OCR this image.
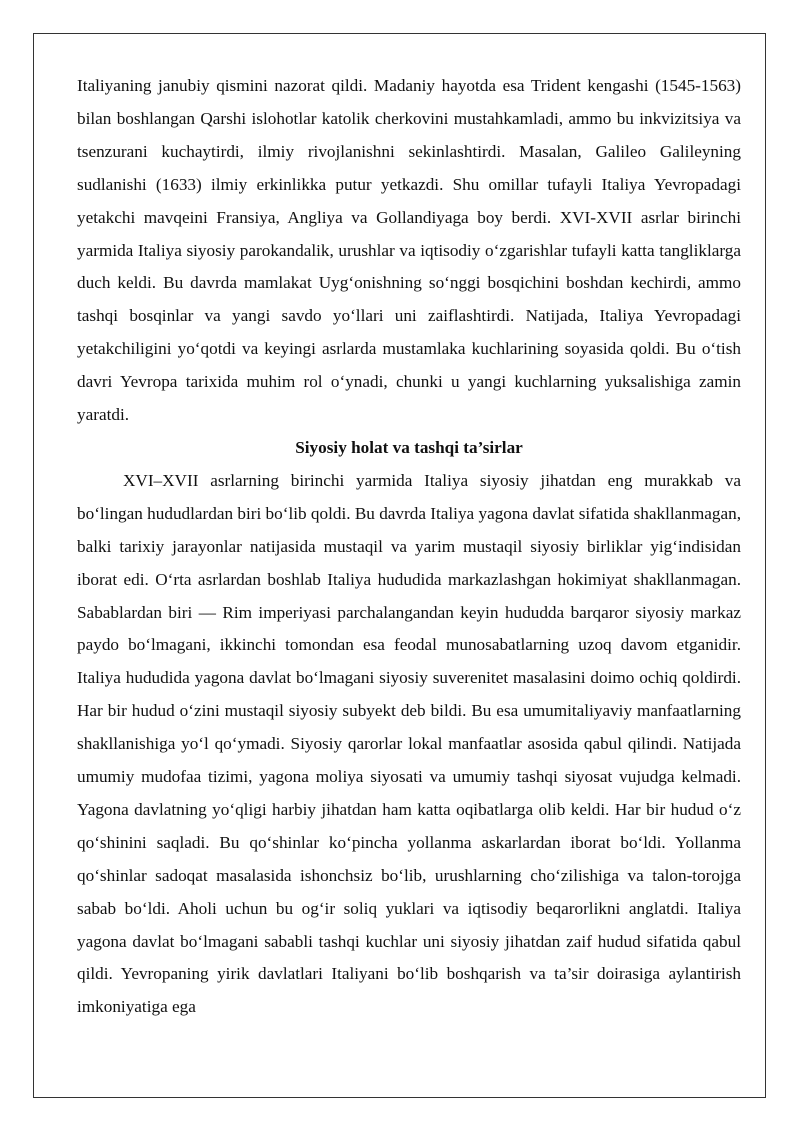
Italiyaning janubiy qismini nazorat qildi. Madaniy hayotda esa Trident kengashi (1545-1563) bilan boshlangan Qarshi islohotlar katolik cherkovini mustahkamladi, ammo bu inkvizitsiya va tsenzurani kuchaytirdi, ilmiy rivojlanishni sekinlashtirdi. Masalan, Galileo Galileyning sudlanishi (1633) ilmiy erkinlikka putur yetkazdi. Shu omillar tufayli Italiya Yevropadagi yetakchi mavqeini Fransiya, Angliya va Gollandiyaga boy berdi. XVI-XVII asrlar birinchi yarmida Italiya siyosiy parokandalik, urushlar va iqtisodiy o‘zgarishlar tufayli katta tangliklarga duch keldi. Bu davrda mamlakat Uyg‘onishning so‘nggi bosqichini boshdan kechirdi, ammo tashqi bosqinlar va yangi savdo yo‘llari uni zaiflashtirdi. Natijada, Italiya Yevropadagi yetakchiligini yo‘qotdi va keyingi asrlarda mustamlaka kuchlarining soyasida qoldi. Bu o‘tish davri Yevropa tarixida muhim rol o‘ynadi, chunki u yangi kuchlarning yuksalishiga zamin yaratdi.

Siyosiy holat va tashqi ta’sirlar

XVI–XVII asrlarning birinchi yarmida Italiya siyosiy jihatdan eng murakkab va bo‘lingan hududlardan biri bo‘lib qoldi. Bu davrda Italiya yagona davlat sifatida shakllanmagan, balki tarixiy jarayonlar natijasida mustaqil va yarim mustaqil siyosiy birliklar yig‘indisidan iborat edi. O‘rta asrlardan boshlab Italiya hududida markazlashgan hokimiyat shakllanmagan. Sabablardan biri — Rim imperiyasi parchalangandan keyin hududda barqaror siyosiy markaz paydo bo‘lmagani, ikkinchi tomondan esa feodal munosabatlarning uzoq davom etganidir. Italiya hududida yagona davlat bo‘lmagani siyosiy suverenitet masalasini doimo ochiq qoldirdi. Har bir hudud o‘zini mustaqil siyosiy subyekt deb bildi. Bu esa umumitaliyaviy manfaatlarning shakllanishiga yo‘l qo‘ymadi. Siyosiy qarorlar lokal manfaatlar asosida qabul qilindi. Natijada umumiy mudofaa tizimi, yagona moliya siyosati va umumiy tashqi siyosat vujudga kelmadi. Yagona davlatning yo‘qligi harbiy jihatdan ham katta oqibatlarga olib keldi. Har bir hudud o‘z qo‘shinini saqladi. Bu qo‘shinlar ko‘pincha yollanma askarlardan iborat bo‘ldi. Yollanma qo‘shinlar sadoqat masalasida ishonchsiz bo‘lib, urushlarning cho‘zilishiga va talon-torojga sabab bo‘ldi. Aholi uchun bu og‘ir soliq yuklari va iqtisodiy beqarorlikni anglatdi. Italiya yagona davlat bo‘lmagani sababli tashqi kuchlar uni siyosiy jihatdan zaif hudud sifatida qabul qildi. Yevropaning yirik davlatlari Italiyani bo‘lib boshqarish va ta’sir doirasiga aylantirish imkoniyatiga ega
